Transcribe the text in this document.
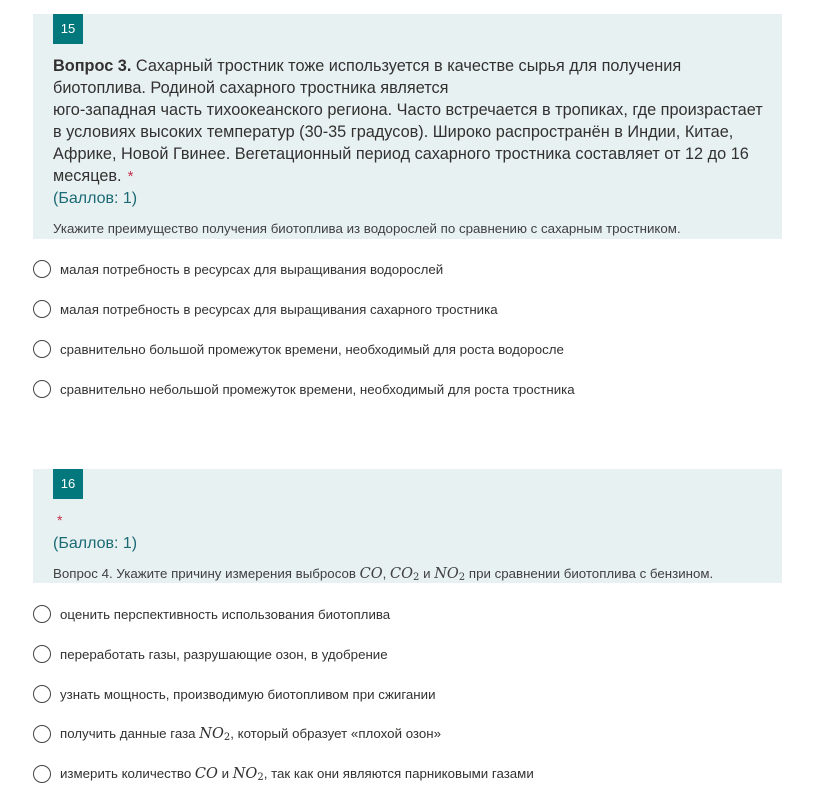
15
Вопрос 3. Сахарный тростник тоже используется в качестве сырья для получения биотоплива. Родиной сахарного тростника является
юго-западная часть тихоокеанского региона. Часто встречается в тропиках, где произрастает в условиях высоких температур (30-35 градусов). Широко распространён в Индии, Китае, Африке, Новой Гвинее. Вегетационный период сахарного тростника составляет от 12 до 16 месяцев. *
(Баллов: 1)
Укажите преимущество получения биотоплива из водорослей по сравнению с сахарным тростником.
малая потребность в ресурсах для выращивания водорослей
малая потребность в ресурсах для выращивания сахарного тростника
сравнительно большой промежуток времени, необходимый для роста водоросле
сравнительно небольшой промежуток времени, необходимый для роста тростника
16
*
(Баллов: 1)
Вопрос 4. Укажите причину измерения выбросов CO, $CO_2$ и $NO_2$ при сравнении биотоплива с бензином.
оценить перспективность использования биотоплива
переработать газы, разрушающие озон, в удобрение
узнать мощность, производимую биотопливом при сжигании
получить данные газа $NO_2$, который образует «плохой озон»
измерить количество CO и $NO_2$, так как они являются парниковыми газами
